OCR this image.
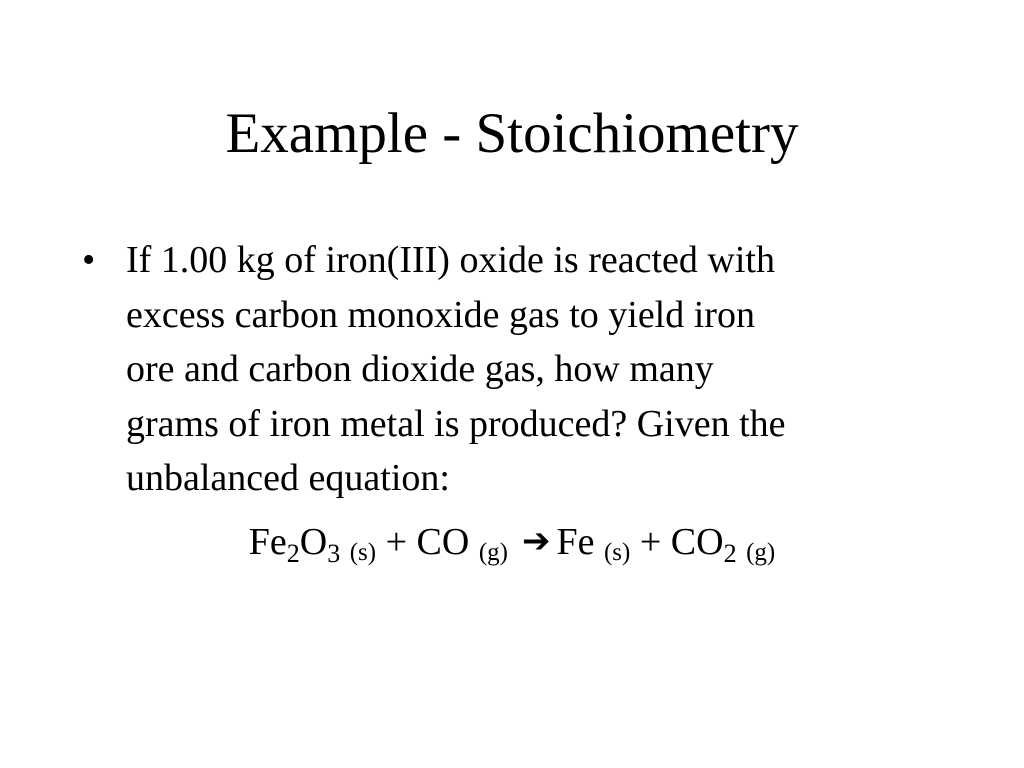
Example - Stoichiometry
• If 1.00 kg of iron(III) oxide is reacted with
excess carbon monoxide gas to yield iron
ore and carbon dioxide gas, how many
grams of iron metal is produced? Given the
unbalanced equation:
$Fe_2O_3$ (s) + CO (g) ➔ Fe $(s) + CO_2$ (g)
